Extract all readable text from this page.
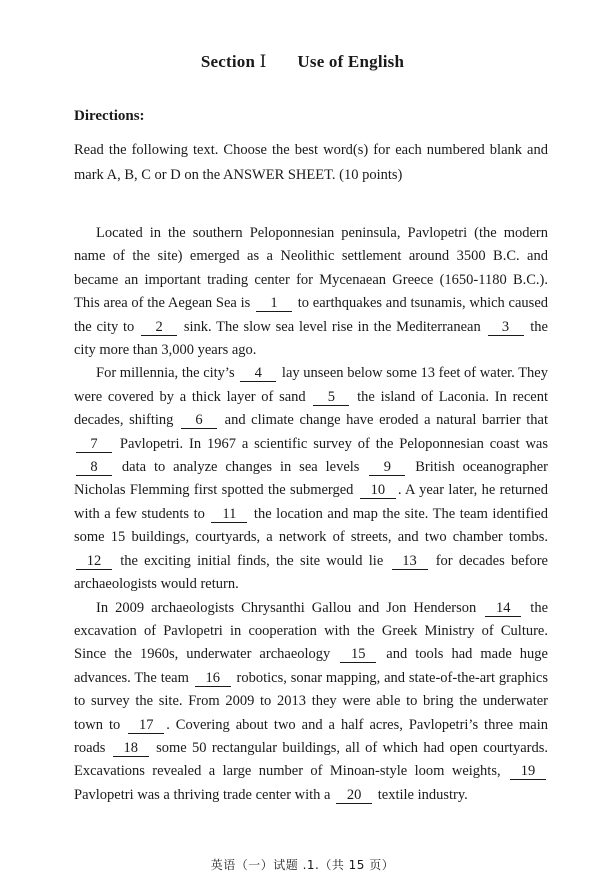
Section Ⅰ Use of English
Directions:
Read the following text. Choose the best word(s) for each numbered blank and mark A, B, C or D on the ANSWER SHEET. (10 points)

Located in the southern Peloponnesian peninsula, Pavlopetri (the modern name of the site) emerged as a Neolithic settlement around 3500 B.C. and became an important trading center for Mycenaean Greece (1650-1180 B.C.). This area of the Aegean Sea is 1 to earthquakes and tsunamis, which caused the city to 2 sink. The slow sea level rise in the Mediterranean 3 the city more than 3,000 years ago.

For millennia, the city’s 4 lay unseen below some 13 feet of water. They were covered by a thick layer of sand 5 the island of Laconia. In recent decades, shifting 6 and climate change have eroded a natural barrier that 7 Pavlopetri. In 1967 a scientific survey of the Peloponnesian coast was 8 data to analyze changes in sea levels 9 British oceanographer Nicholas Flemming first spotted the submerged 10 . A year later, he returned with a few students to 11 the location and map the site. The team identified some 15 buildings, courtyards, a network of streets, and two chamber tombs. 12 the exciting initial finds, the site would lie 13 for decades before archaeologists would return.

In 2009 archaeologists Chrysanthi Gallou and Jon Henderson 14 the excavation of Pavlopetri in cooperation with the Greek Ministry of Culture. Since the 1960s, underwater archaeology 15 and tools had made huge advances. The team 16 robotics, sonar mapping, and state-of-the-art graphics to survey the site. From 2009 to 2013 they were able to bring the underwater town to 17 . Covering about two and a half acres, Pavlopetri’s three main roads 18 some 50 rectangular buildings, all of which had open courtyards. Excavations revealed a large number of Minoan-style loom weights, 19 Pavlopetri was a thriving trade center with a 20 textile industry.

英语（一）试题 .1.（共 15 页）
